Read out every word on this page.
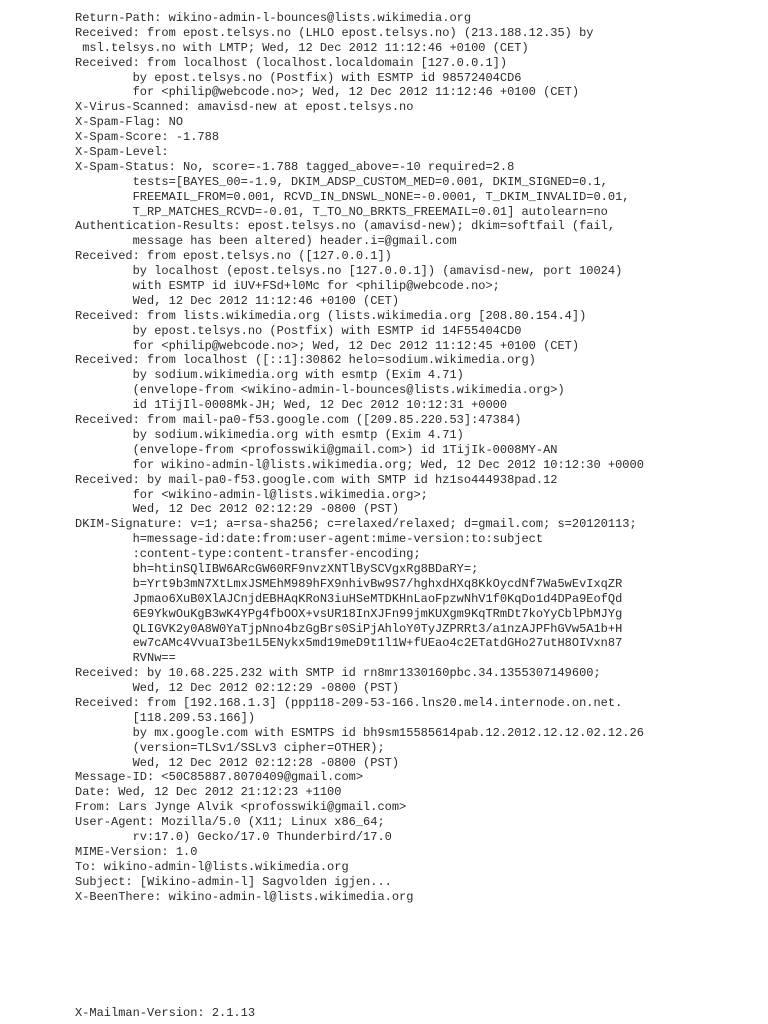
Return-Path: wikino-admin-l-bounces@lists.wikimedia.org
Received: from epost.telsys.no (LHLO epost.telsys.no) (213.188.12.35) by
msl.telsys.no with LMTP; Wed, 12 Dec 2012 11:12:46 +0100 (CET)
Received: from localhost (localhost.localdomain [127.0.0.1])
by epost.telsys.no (Postfix) with ESMTP id 98572404CD6
for <philip@webcode.no>; Wed, 12 Dec 2012 11:12:46 +0100 (CET)
X-Virus-Scanned: amavisd-new at epost.telsys.no
X-Spam-Flag: NO
X-Spam-Score: -1.788
X-Spam-Level:
X-Spam-Status: No, score=-1.788 tagged_above=-10 required=2.8
tests=[BAYES_00=-1.9, DKIM_ADSP_CUSTOM_MED=0.001, DKIM_SIGNED=0.1,
FREEMAIL_FROM=0.001, RCVD_IN_DNSWL_NONE=-0.0001, T_DKIM_INVALID=0.01,
T_RP_MATCHES_RCVD=-0.01, T_TO_NO_BRKTS_FREEMAIL=0.01] autolearn=no
Authentication-Results: epost.telsys.no (amavisd-new); dkim=softfail (fail,
message has been altered) header.i=@gmail.com
Received: from epost.telsys.no ([127.0.0.1])
by localhost (epost.telsys.no [127.0.0.1]) (amavisd-new, port 10024)
with ESMTP id iUV+FSd+l0Mc for <philip@webcode.no>;
Wed, 12 Dec 2012 11:12:46 +0100 (CET)
Received: from lists.wikimedia.org (lists.wikimedia.org [208.80.154.4])
by epost.telsys.no (Postfix) with ESMTP id 14F55404CD0
for <philip@webcode.no>; Wed, 12 Dec 2012 11:12:45 +0100 (CET)
Received: from localhost ([::1]:30862 helo=sodium.wikimedia.org)
by sodium.wikimedia.org with esmtp (Exim 4.71)
(envelope-from <wikino-admin-l-bounces@lists.wikimedia.org>)
id 1TijIl-0008Mk-JH; Wed, 12 Dec 2012 10:12:31 +0000
Received: from mail-pa0-f53.google.com ([209.85.220.53]:47384)
by sodium.wikimedia.org with esmtp (Exim 4.71)
(envelope-from <profosswiki@gmail.com>) id 1TijIk-0008MY-AN
for wikino-admin-l@lists.wikimedia.org; Wed, 12 Dec 2012 10:12:30 +0000
Received: by mail-pa0-f53.google.com with SMTP id hz1so444938pad.12
for <wikino-admin-l@lists.wikimedia.org>;
Wed, 12 Dec 2012 02:12:29 -0800 (PST)
DKIM-Signature: v=1; a=rsa-sha256; c=relaxed/relaxed; d=gmail.com; s=20120113;
h=message-id:date:from:user-agent:mime-version:to:subject
:content-type:content-transfer-encoding;
bh=htinSQlIBW6ARcGW60RF9nvzXNTlBySCVgxRg8BDaRY=;
b=Yrt9b3mN7XtLmxJSMEhM989hFX9nhivBw9S7/hghxdHXq8KkOycdNf7Wa5wEvIxqZR
Jpmao6XuB0XlAJCnjdEBHAqKRoN3iuHSeMTDKHnLaoFpzwNhV1f0KqDo1d4DPa9EofQd
6E9YkwOuKgB3wK4YPg4fbOOX+vsUR18InXJFn99jmKUXgm9KqTRmDt7koYyCblPbMJYg
QLIGVK2y0A8W0YaTjpNno4bzGgBrs0SiPjAhloY0TyJZPRRt3/a1nzAJPFhGVw5A1b+H
ew7cAMc4VvuaI3be1L5ENykx5md19meD9t1l1W+fUEao4c2ETatdGHo27utH8OIVxn87
RVNw==
Received: by 10.68.225.232 with SMTP id rn8mr1330160pbc.34.1355307149600;
Wed, 12 Dec 2012 02:12:29 -0800 (PST)
Received: from [192.168.1.3] (ppp118-209-53-166.lns20.mel4.internode.on.net.
[118.209.53.166])
by mx.google.com with ESMTPS id bh9sm15585614pab.12.2012.12.12.02.12.26
(version=TLSv1/SSLv3 cipher=OTHER);
Wed, 12 Dec 2012 02:12:28 -0800 (PST)
Message-ID: <50C85887.8070409@gmail.com>
Date: Wed, 12 Dec 2012 21:12:23 +1100
From: Lars Jynge Alvik <profosswiki@gmail.com>
User-Agent: Mozilla/5.0 (X11; Linux x86_64;
rv:17.0) Gecko/17.0 Thunderbird/17.0
MIME-Version: 1.0
To: wikino-admin-l@lists.wikimedia.org
Subject: [Wikino-admin-l] Sagvolden igjen...
X-BeenThere: wikino-admin-l@lists.wikimedia.org
X-Mailman-Version: 2.1.13
